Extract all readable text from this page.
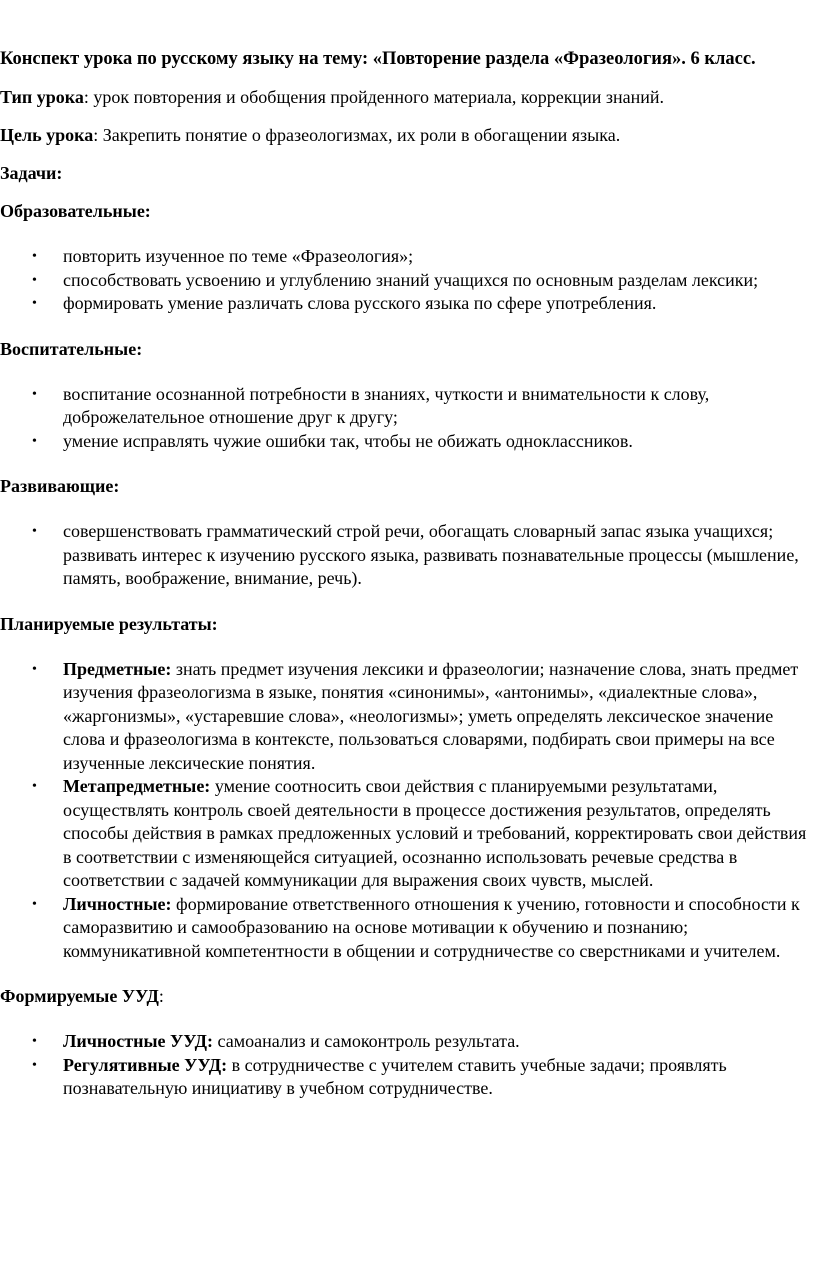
Конспект урока по русскому языку на тему: «Повторение раздела «Фразеология». 6 класс.
Тип урока: урок повторения и обобщения пройденного материала, коррекции знаний.
Цель урока: Закрепить понятие о фразеологизмах, их роли в обогащении языка.
Задачи:
Образовательные:
• повторить изученное по теме «Фразеология»;
• способствовать усвоению и углублению знаний учащихся по основным разделам лексики;
• формировать умение различать слова русского языка по сфере употребления.
Воспитательные:
• воспитание осознанной потребности в знаниях, чуткости и внимательности к слову, доброжелательное отношение друг к другу;
• умение исправлять чужие ошибки так, чтобы не обижать одноклассников.
Развивающие:
• совершенствовать грамматический строй речи, обогащать словарный запас языка учащихся; развивать интерес к изучению русского языка, развивать познавательные процессы (мышление, память, воображение, внимание, речь).
Планируемые результаты:
• Предметные: знать предмет изучения лексики и фразеологии; назначение слова, знать предмет изучения фразеологизма в языке, понятия «синонимы», «антонимы», «диалектные слова», «жаргонизмы», «устаревшие слова», «неологизмы»; уметь определять лексическое значение слова и фразеологизма в контексте, пользоваться словарями, подбирать свои примеры на все изученные лексические понятия.
• Метапредметные: умение соотносить свои действия с планируемыми результатами, осуществлять контроль своей деятельности в процессе достижения результатов, определять способы действия в рамках предложенных условий и требований, корректировать свои действия в соответствии с изменяющейся ситуацией, осознанно использовать речевые средства в соответствии с задачей коммуникации для выражения своих чувств, мыслей.
• Личностные: формирование ответственного отношения к учению, готовности и способности к саморазвитию и самообразованию на основе мотивации к обучению и познанию; коммуникативной компетентности в общении и сотрудничестве со сверстниками и учителем.
Формируемые УУД:
• Личностные УУД: самоанализ и самоконтроль результата.
• Регулятивные УУД: в сотрудничестве с учителем ставить учебные задачи; проявлять познавательную инициативу в учебном сотрудничестве.
